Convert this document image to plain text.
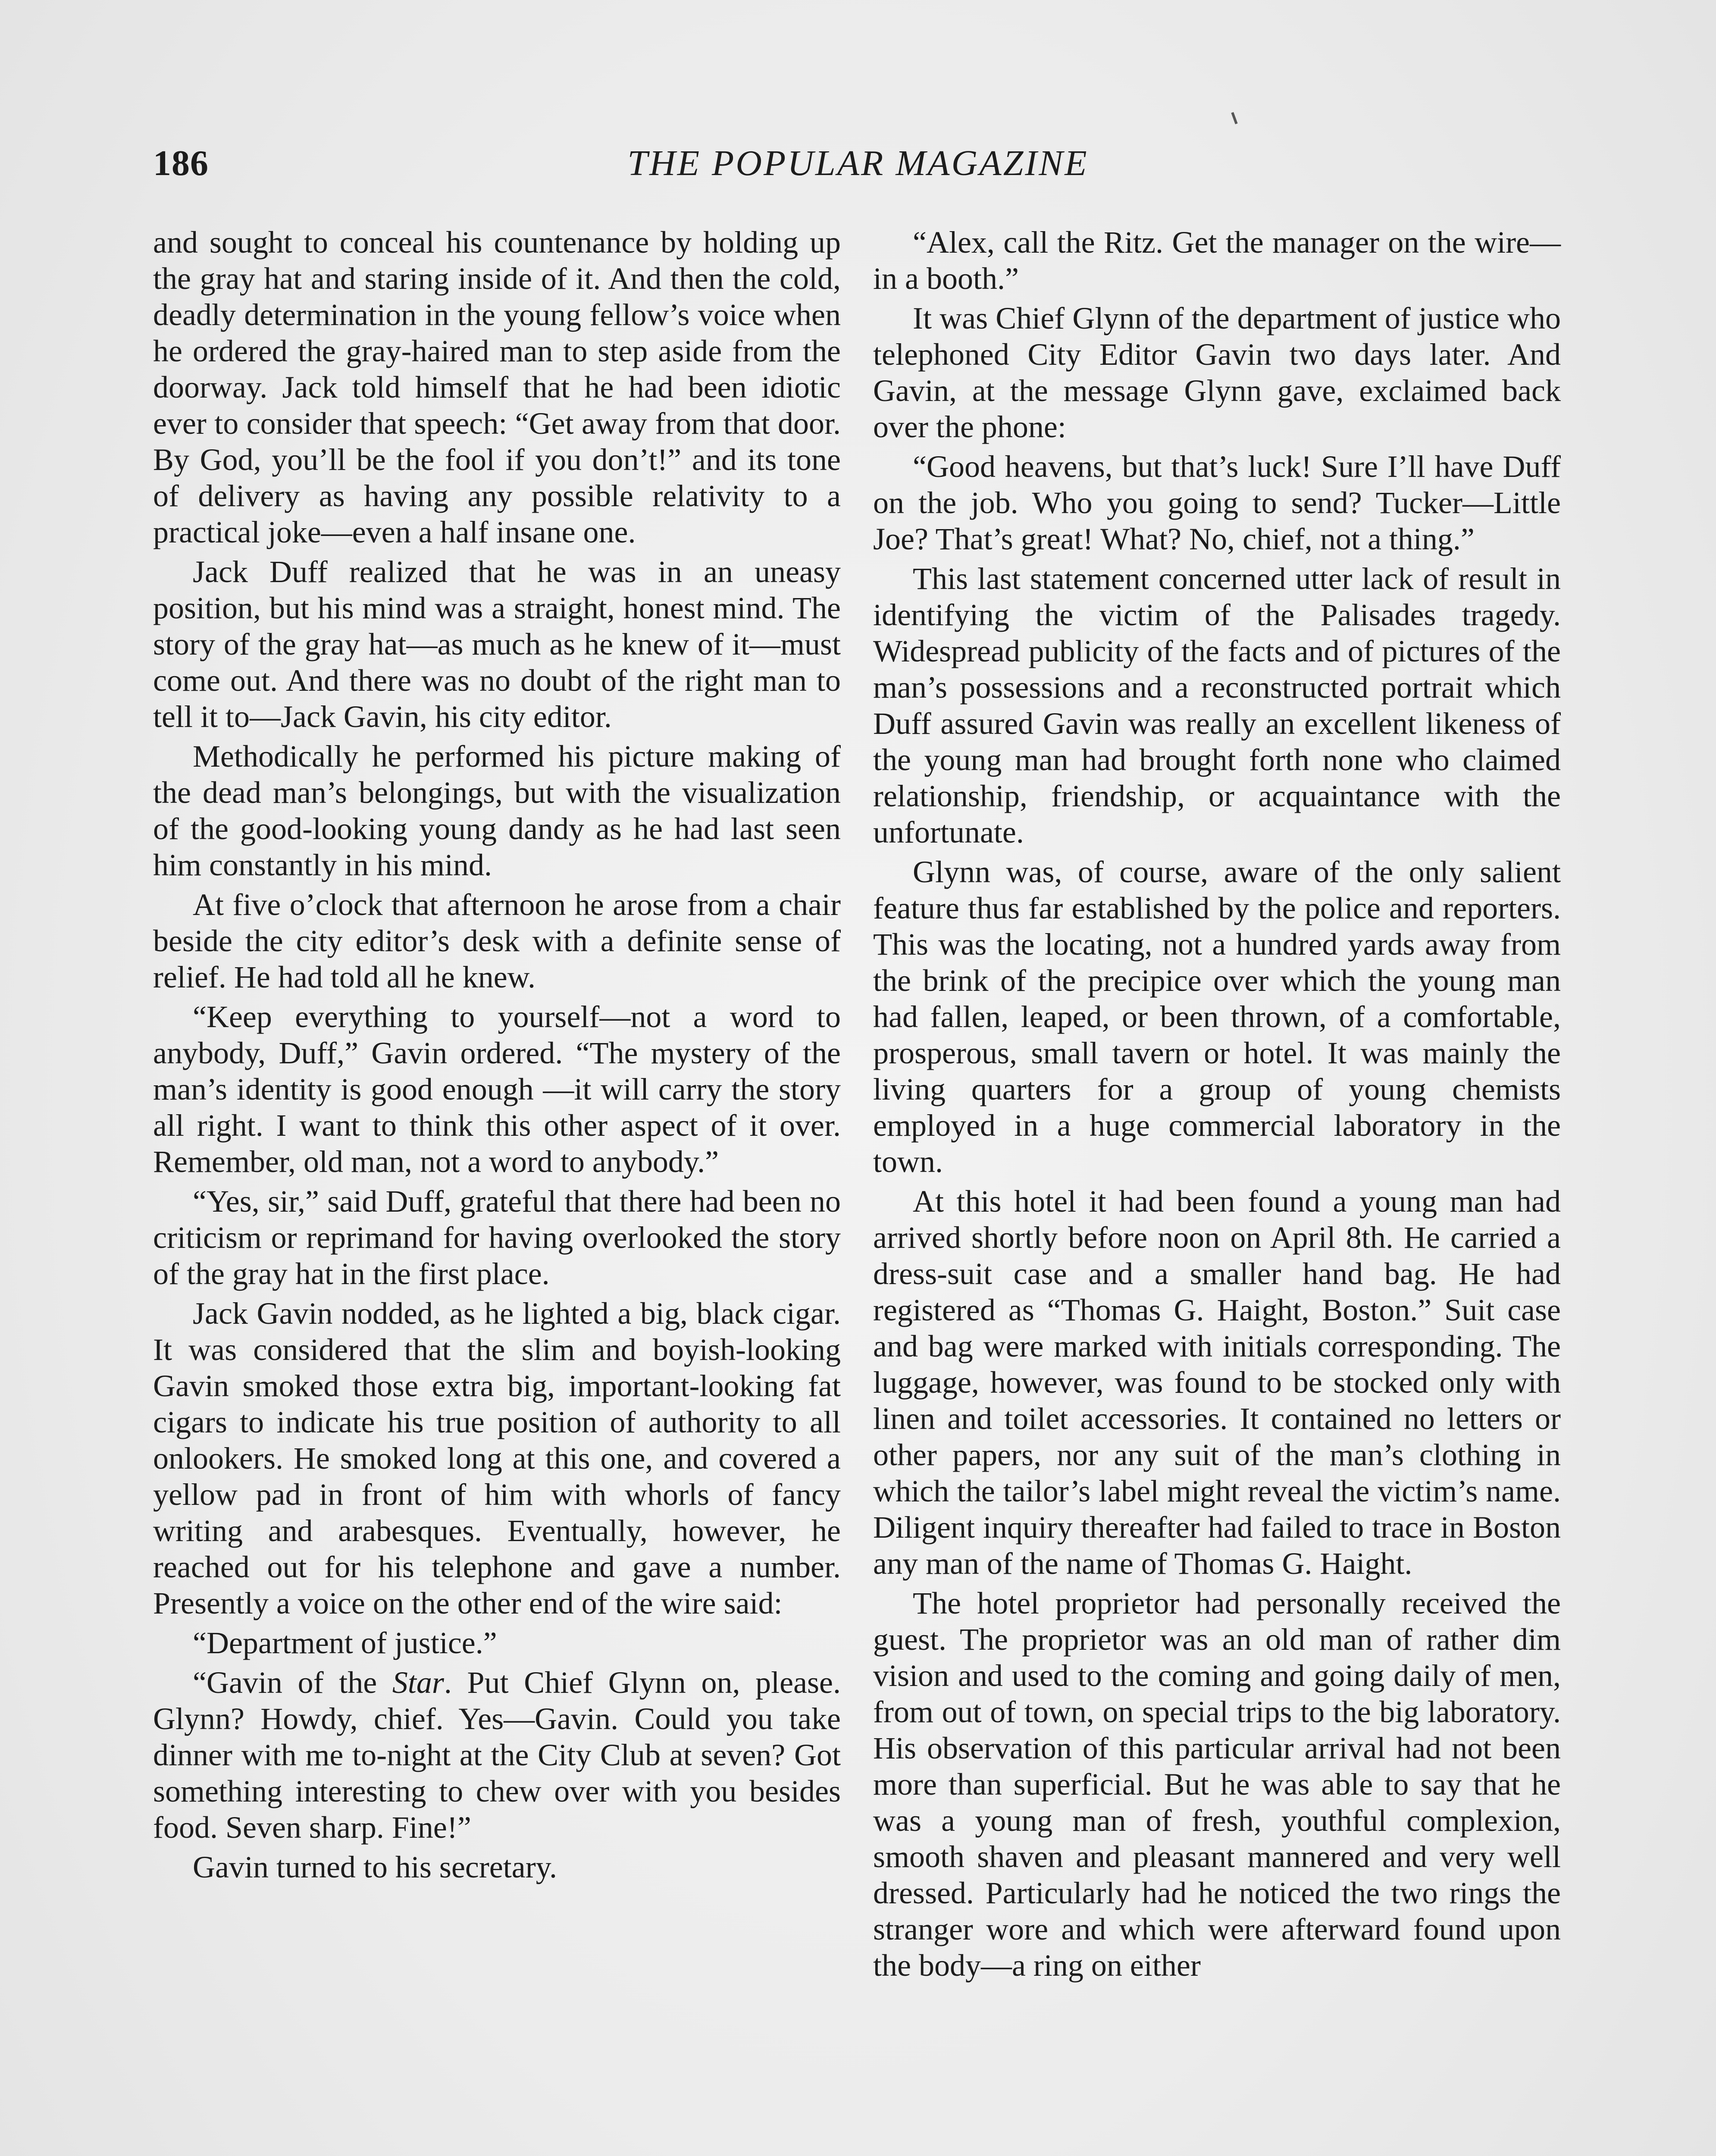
186	THE POPULAR MAGAZINE

and sought to conceal his countenance by holding up the gray hat and staring inside of it. And then the cold, deadly determination in the young fellow’s voice when he ordered the gray-haired man to step aside from the doorway. Jack told himself that he had been idiotic ever to consider that speech: “Get away from that door. By God, you’ll be the fool if you don’t!” and its tone of delivery as having any possible relativity to a practical joke—even a half insane one.

Jack Duff realized that he was in an uneasy position, but his mind was a straight, honest mind. The story of the gray hat—as much as he knew of it—must come out. And there was no doubt of the right man to tell it to—Jack Gavin, his city editor.

Methodically he performed his picture making of the dead man’s belongings, but with the visualization of the good-looking young dandy as he had last seen him constantly in his mind.

At five o’clock that afternoon he arose from a chair beside the city editor’s desk with a definite sense of relief. He had told all he knew.

“Keep everything to yourself—not a word to anybody, Duff,” Gavin ordered. “The mystery of the man’s identity is good enough —it will carry the story all right. I want to think this other aspect of it over. Remember, old man, not a word to anybody.”

“Yes, sir,” said Duff, grateful that there had been no criticism or reprimand for having overlooked the story of the gray hat in the first place.

Jack Gavin nodded, as he lighted a big, black cigar. It was considered that the slim and boyish-looking Gavin smoked those extra big, important-looking fat cigars to indicate his true position of authority to all onlookers. He smoked long at this one, and covered a yellow pad in front of him with whorls of fancy writing and arabesques. Eventually, however, he reached out for his telephone and gave a number. Presently a voice on the other end of the wire said:

“Department of justice.”

“Gavin of the Star. Put Chief Glynn on, please. Glynn? Howdy, chief. Yes—Gavin. Could you take dinner with me to-night at the City Club at seven? Got something interesting to chew over with you besides food. Seven sharp. Fine!”

Gavin turned to his secretary.

“Alex, call the Ritz. Get the manager on the wire—in a booth.”

It was Chief Glynn of the department of justice who telephoned City Editor Gavin two days later. And Gavin, at the message Glynn gave, exclaimed back over the phone:

“Good heavens, but that’s luck! Sure I’ll have Duff on the job. Who you going to send? Tucker—Little Joe? That’s great! What? No, chief, not a thing.”

This last statement concerned utter lack of result in identifying the victim of the Palisades tragedy. Widespread publicity of the facts and of pictures of the man’s possessions and a reconstructed portrait which Duff assured Gavin was really an excellent likeness of the young man had brought forth none who claimed relationship, friendship, or acquaintance with the unfortunate.

Glynn was, of course, aware of the only salient feature thus far established by the police and reporters. This was the locating, not a hundred yards away from the brink of the precipice over which the young man had fallen, leaped, or been thrown, of a comfortable, prosperous, small tavern or hotel. It was mainly the living quarters for a group of young chemists employed in a huge commercial laboratory in the town.

At this hotel it had been found a young man had arrived shortly before noon on April 8th. He carried a dress-suit case and a smaller hand bag. He had registered as “Thomas G. Haight, Boston.” Suit case and bag were marked with initials corresponding. The luggage, however, was found to be stocked only with linen and toilet accessories. It contained no letters or other papers, nor any suit of the man’s clothing in which the tailor’s label might reveal the victim’s name. Diligent inquiry thereafter had failed to trace in Boston any man of the name of Thomas G. Haight.

The hotel proprietor had personally received the guest. The proprietor was an old man of rather dim vision and used to the coming and going daily of men, from out of town, on special trips to the big laboratory. His observation of this particular arrival had not been more than superficial. But he was able to say that he was a young man of fresh, youthful complexion, smooth shaven and pleasant mannered and very well dressed. Particularly had he noticed the two rings the stranger wore and which were afterward found upon the body—a ring on either
